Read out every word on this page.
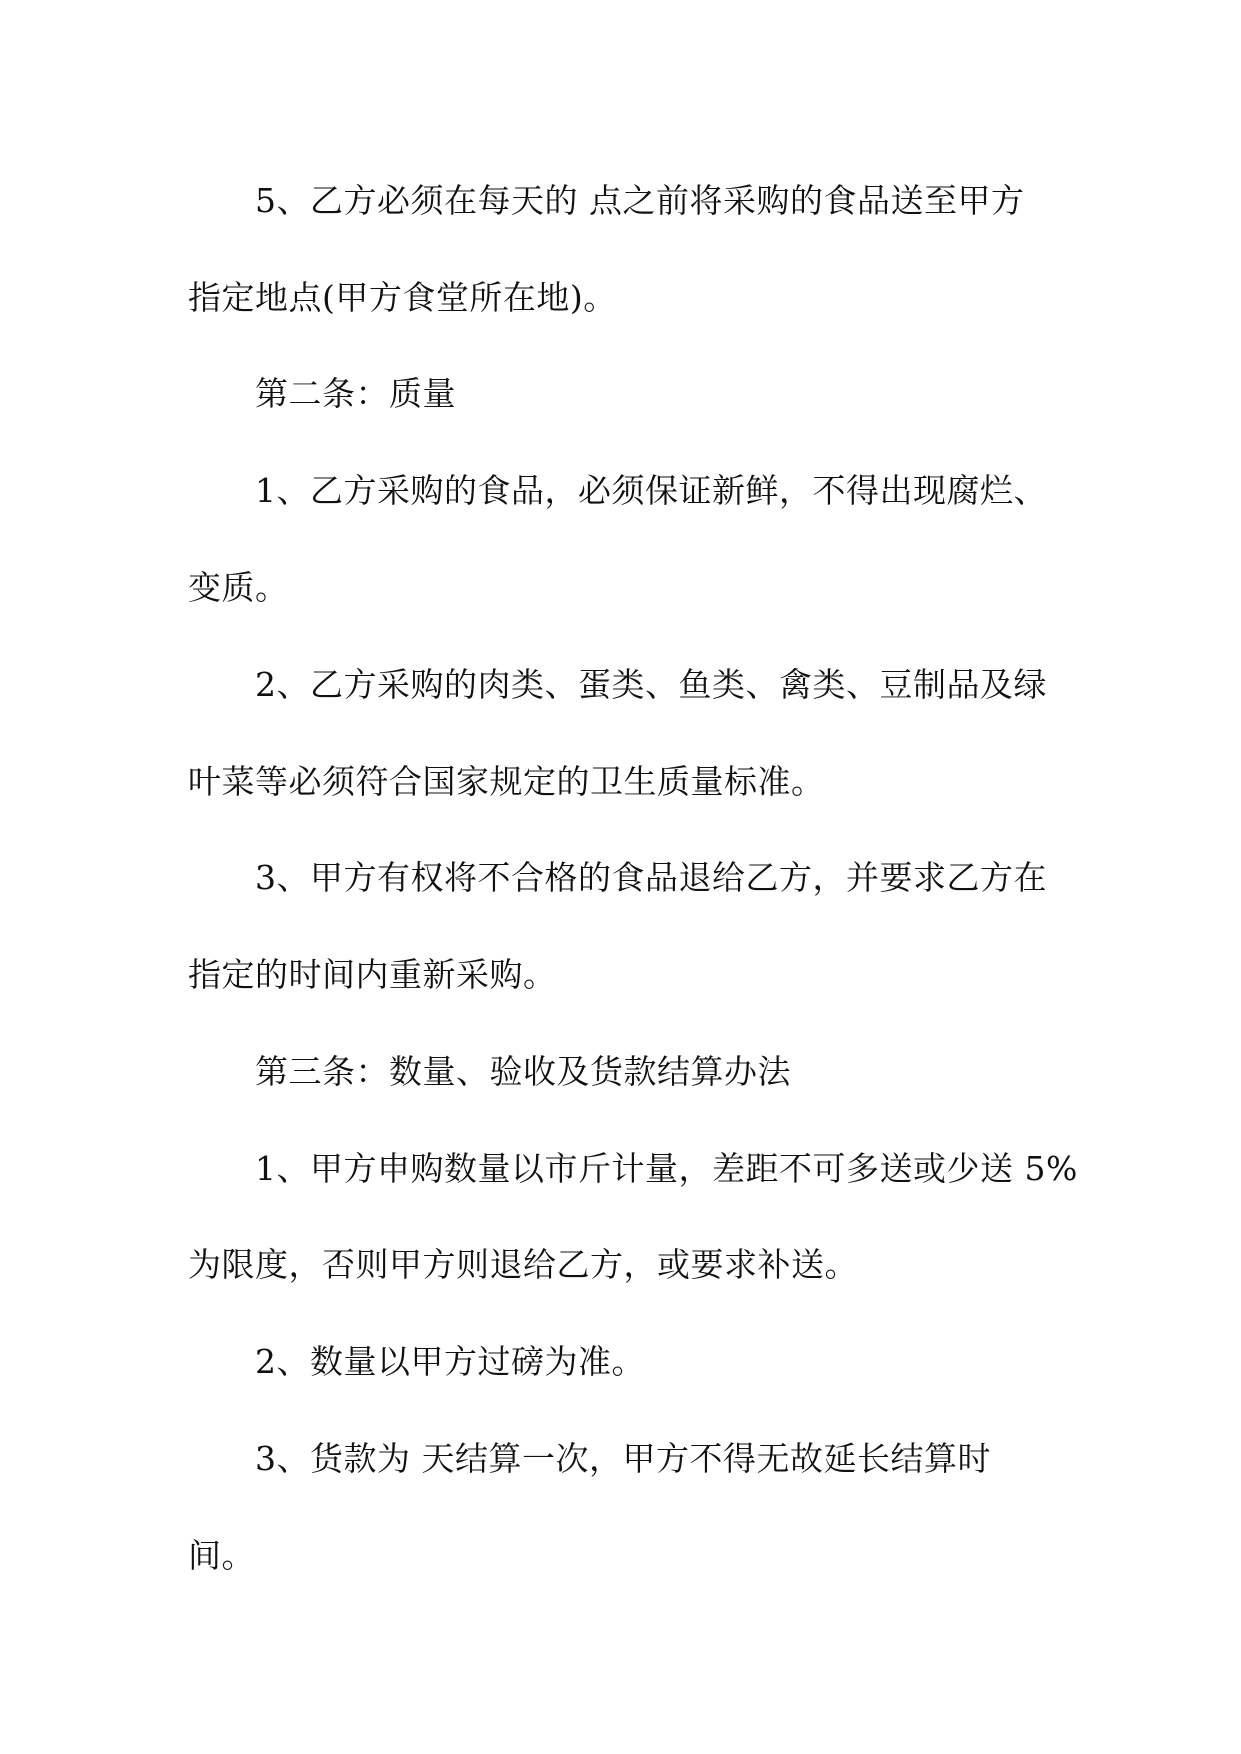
5、乙方必须在每天的 点之前将采购的食品送至甲方

指定地点(甲方食堂所在地)。

第二条：质量

1、乙方采购的食品，必须保证新鲜，不得出现腐烂、

变质。

2、乙方采购的肉类、蛋类、鱼类、禽类、豆制品及绿

叶菜等必须符合国家规定的卫生质量标准。

3、甲方有权将不合格的食品退给乙方，并要求乙方在

指定的时间内重新采购。

第三条：数量、验收及货款结算办法

1、甲方申购数量以市斤计量，差距不可多送或少送 5%

为限度，否则甲方则退给乙方，或要求补送。

2、数量以甲方过磅为准。

3、货款为 天结算一次，甲方不得无故延长结算时

间。
